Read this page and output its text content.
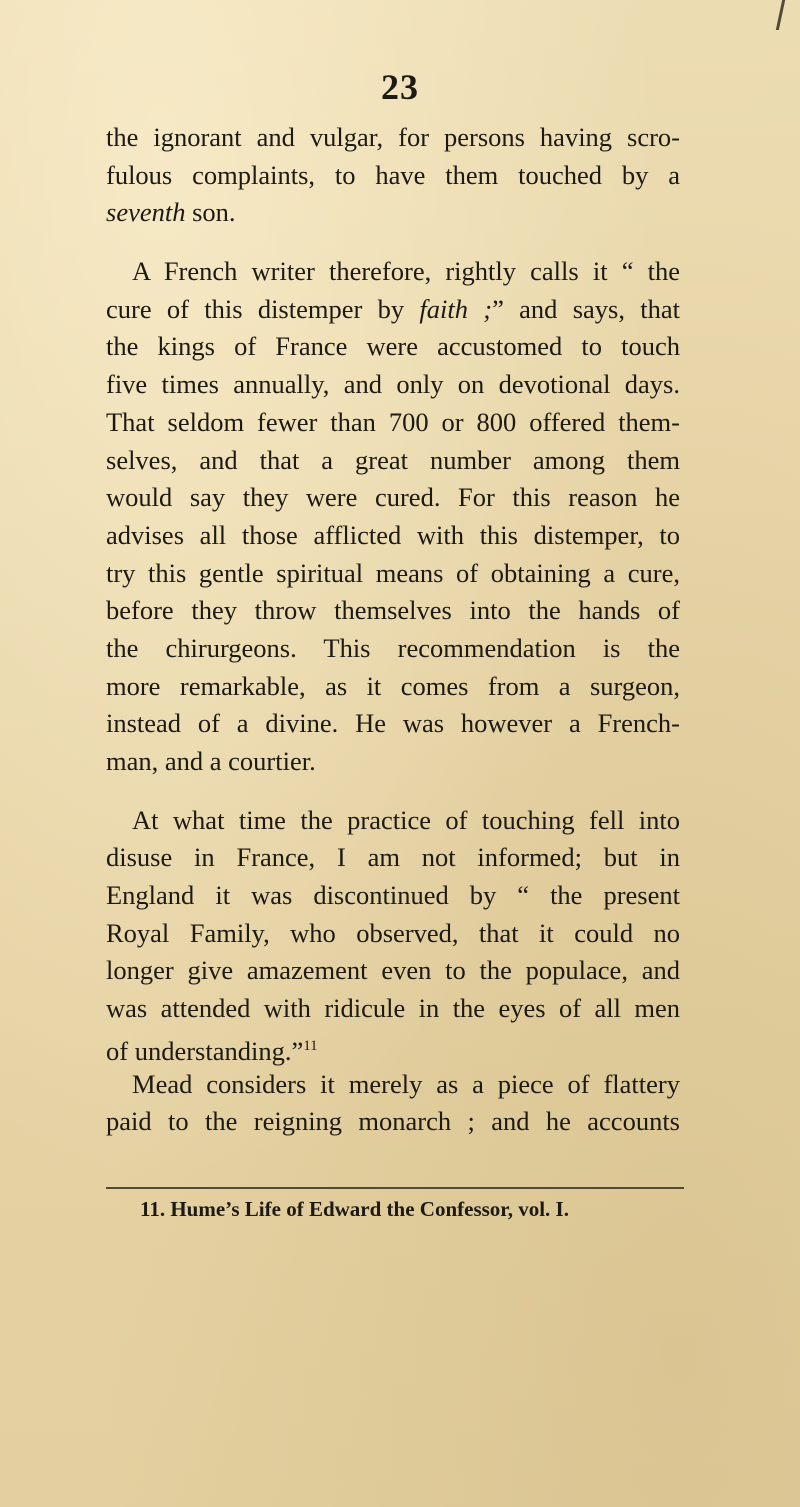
23
the ignorant and vulgar, for persons having scro-
fulous complaints, to have them touched by a
seventh son.
A French writer therefore, rightly calls it “ the
cure of this distemper by faith ;” and says, that
the kings of France were accustomed to touch
five times annually, and only on devotional days.
That seldom fewer than 700 or 800 offered them-
selves, and that a great number among them
would say they were cured. For this reason he
advises all those afflicted with this distemper, to
try this gentle spiritual means of obtaining a cure,
before they throw themselves into the hands of
the chirurgeons. This recommendation is the
more remarkable, as it comes from a surgeon,
instead of a divine. He was however a French-
man, and a courtier.
At what time the practice of touching fell into
disuse in France, I am not informed; but in
England it was discontinued by “ the present
Royal Family, who observed, that it could no
longer give amazement even to the populace, and
was attended with ridicule in the eyes of all men
of understanding.”$^{11}$
Mead considers it merely as a piece of flattery
paid to the reigning monarch ; and he accounts
11. Hume’s Life of Edward the Confessor, vol. I.
